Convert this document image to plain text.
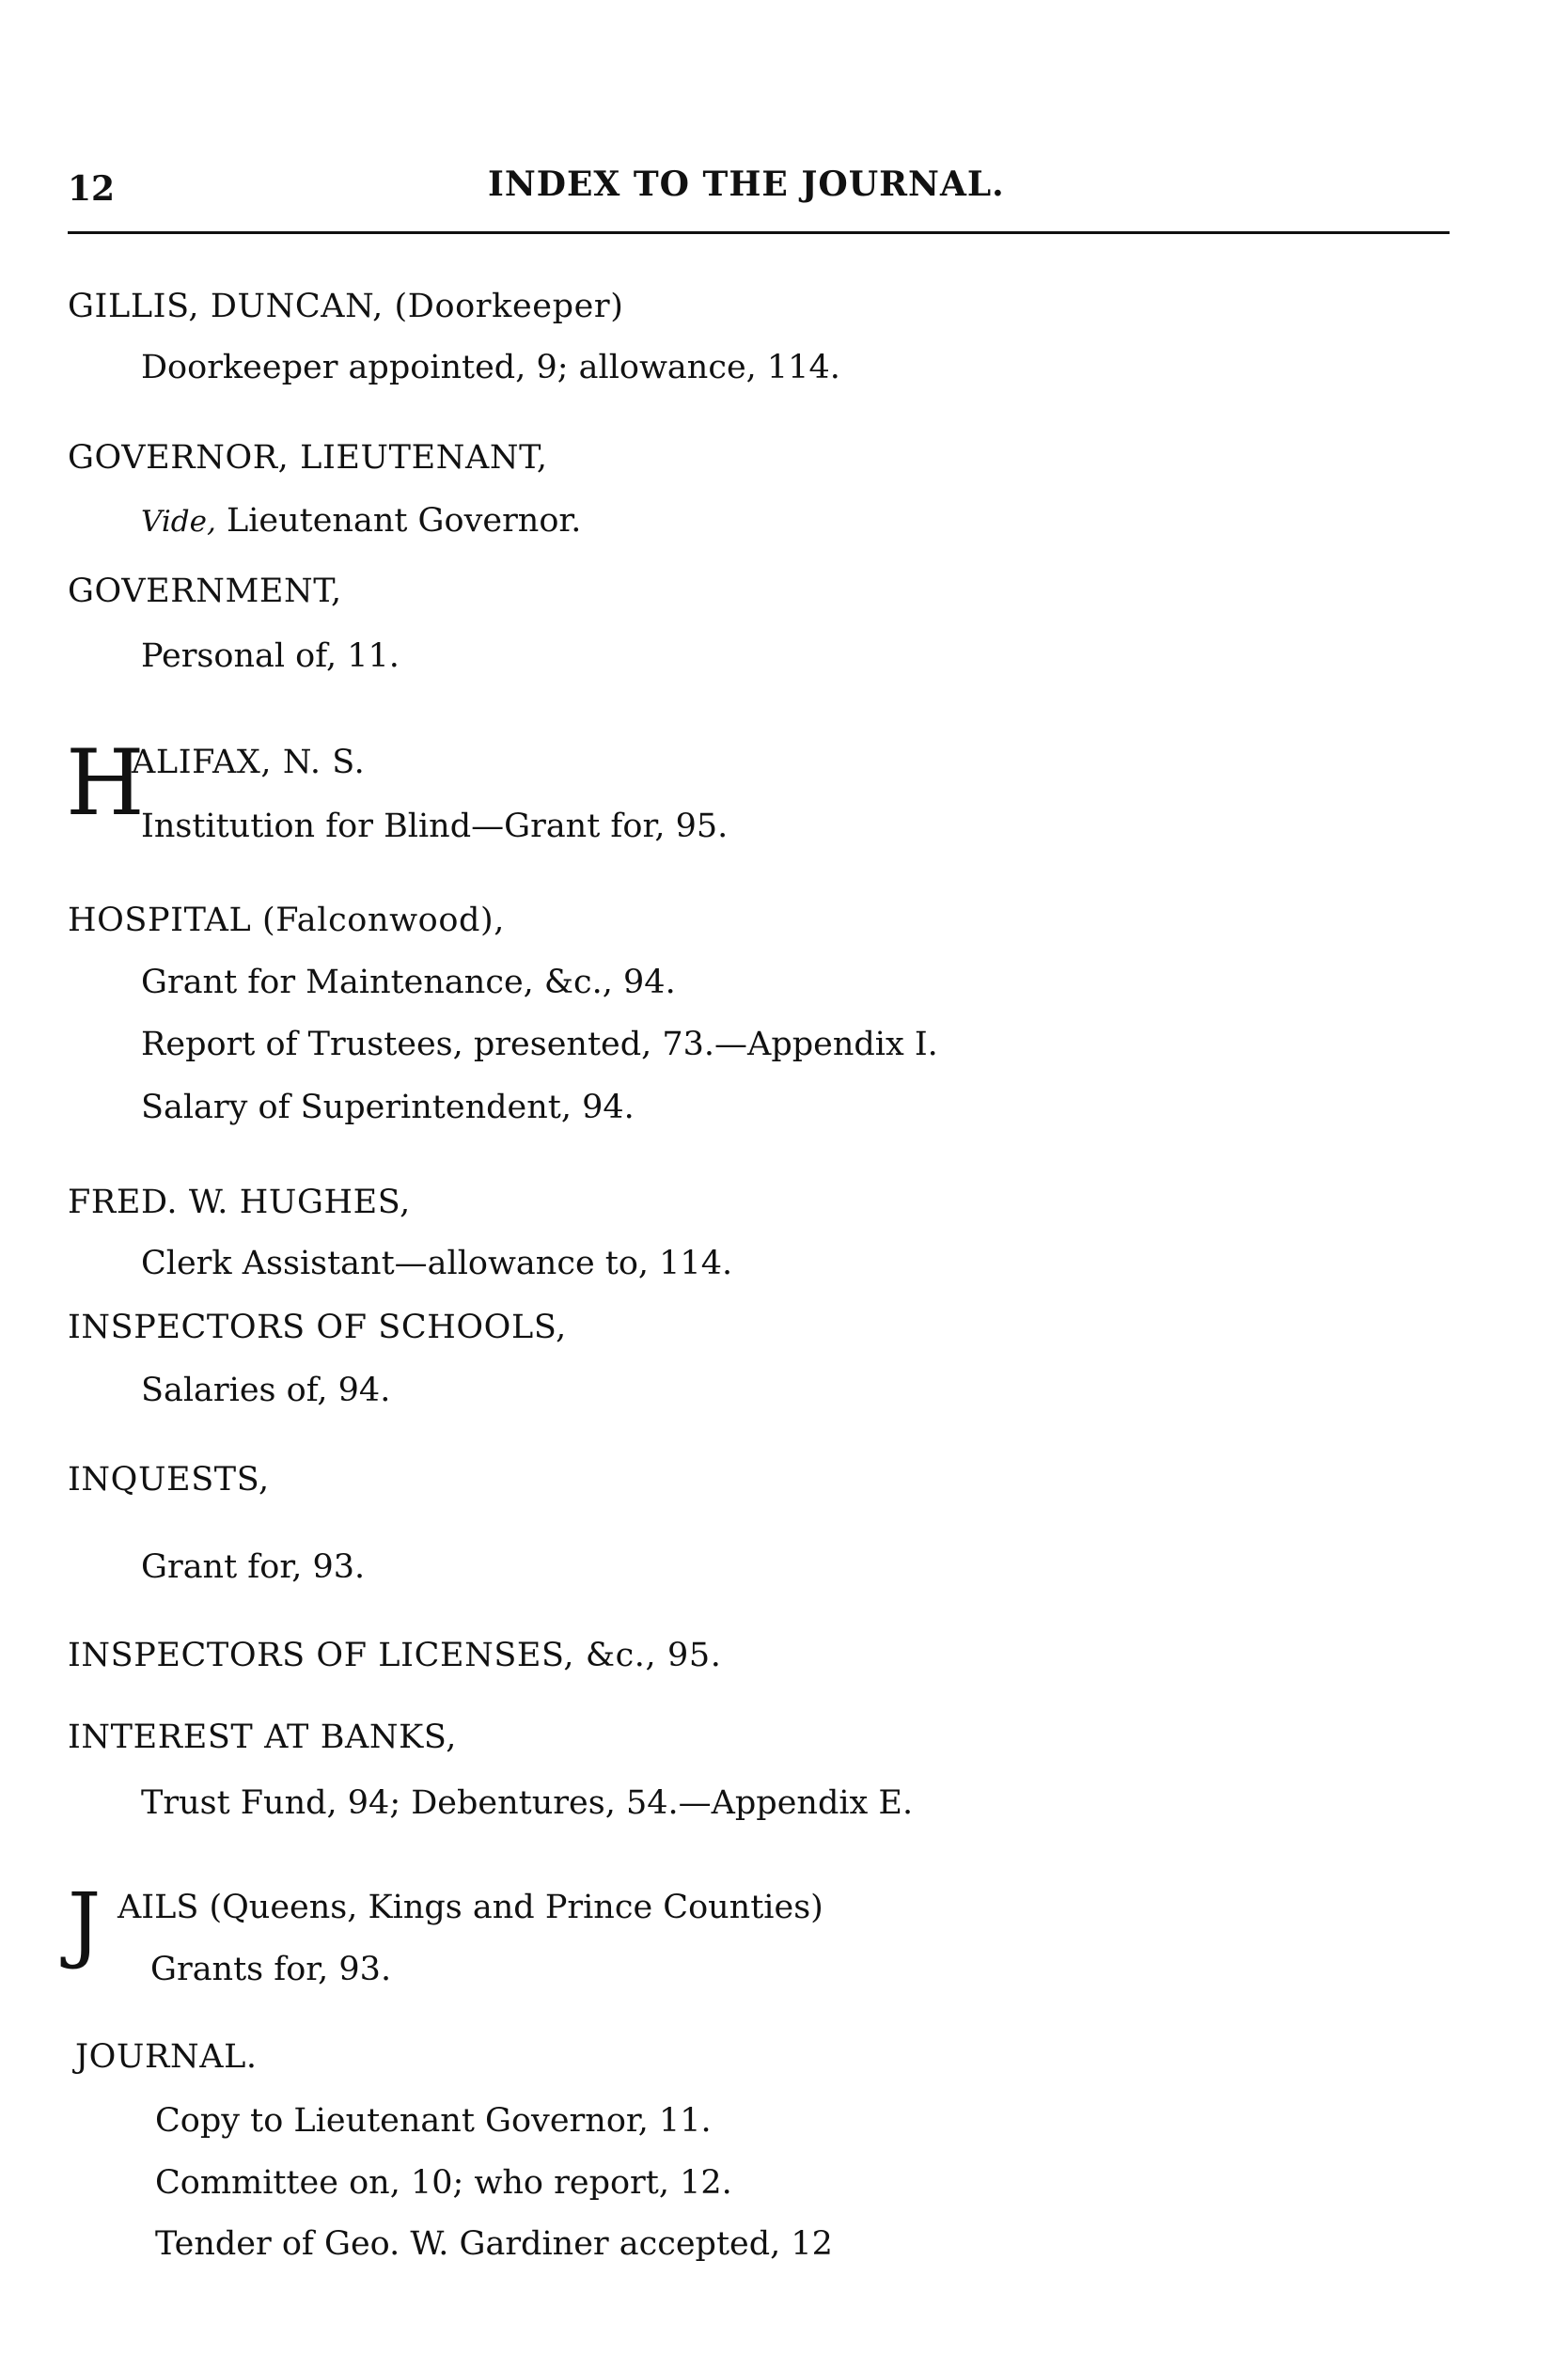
12	INDEX TO THE JOURNAL.
GILLIS, DUNCAN, (Doorkeeper)
Doorkeeper appointed, 9; allowance, 114.
GOVERNOR, LIEUTENANT,
Vide, Lieutenant Governor.
GOVERNMENT,
Personal of, 11.
H
ALIFAX, N. S.
Institution for Blind—Grant for, 95.
HOSPITAL (Falconwood),
Grant for Maintenance, &c., 94.
Report of Trustees, presented, 73.—Appendix I.
Salary of Superintendent, 94.
FRED. W. HUGHES,
Clerk Assistant—allowance to, 114.
INSPECTORS OF SCHOOLS,
Salaries of, 94.
INQUESTS,
Grant for, 93.
INSPECTORS OF LICENSES, &c., 95.
INTEREST AT BANKS,
Trust Fund, 94; Debentures, 54.—Appendix E.
J AILS (Queens, Kings and Prince Counties)
Grants for, 93.
JOURNAL.
Copy to Lieutenant Governor, 11.
Committee on, 10; who report, 12.
Tender of Geo. W. Gardiner accepted, 12
